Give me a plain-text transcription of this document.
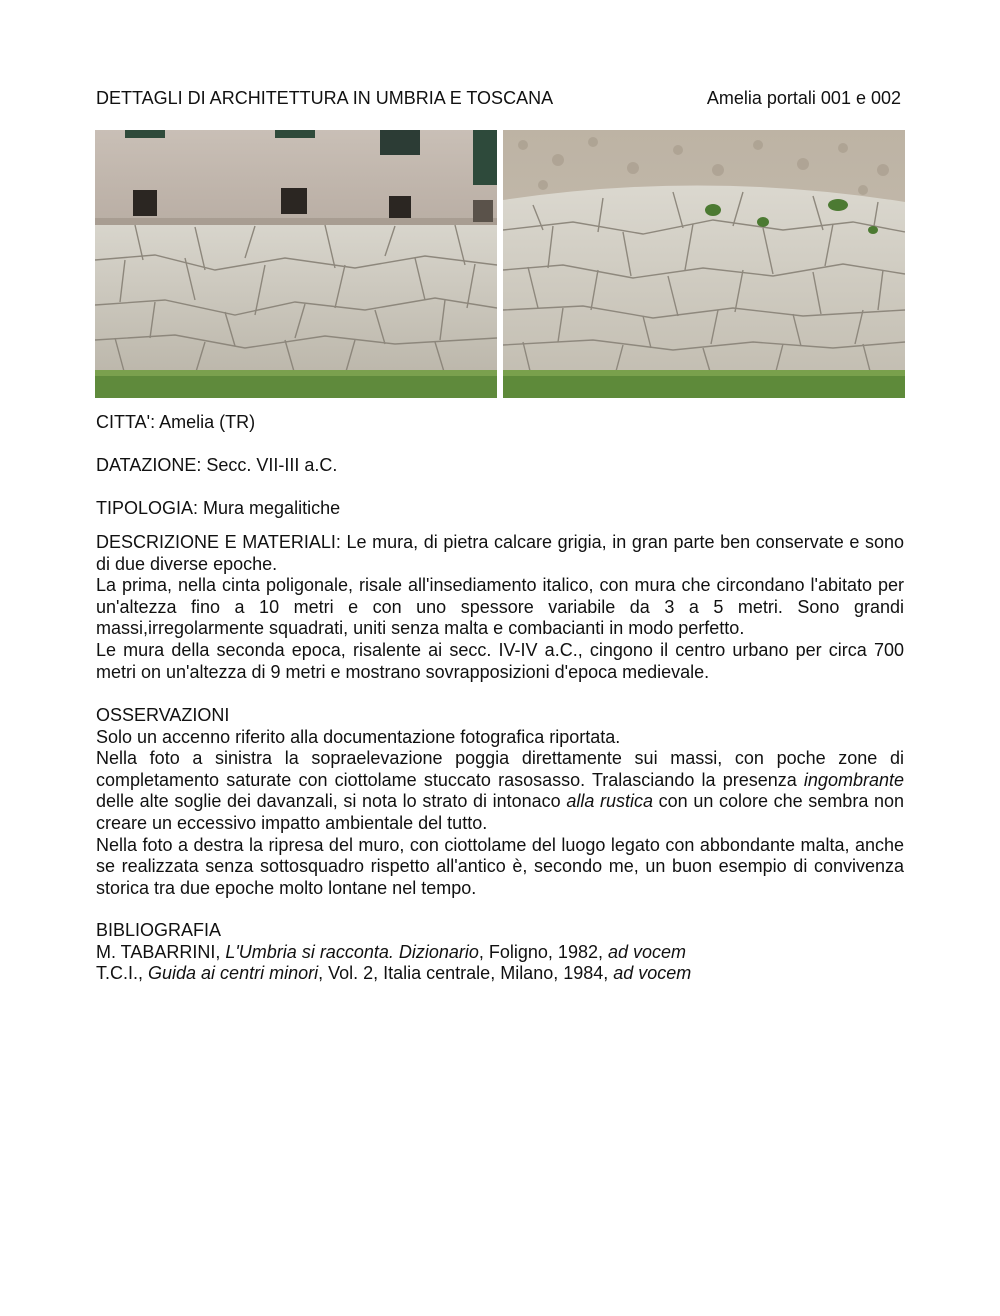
DETTAGLI DI ARCHITETTURA IN UMBRIA E TOSCANA	Amelia portali 001 e 002

CITTA': Amelia (TR)

DATAZIONE: Secc. VII-III a.C.

TIPOLOGIA: Mura megalitiche

DESCRIZIONE E MATERIALI: Le mura, di pietra calcare grigia, in gran parte ben conservate e sono di due diverse epoche.

La prima, nella cinta poligonale, risale all'insediamento italico, con mura che circondano l'abitato per un'altezza fino a 10 metri e con uno spessore variabile da 3 a 5 metri. Sono grandi massi,irregolarmente squadrati, uniti senza malta e combacianti in modo perfetto.

Le mura della seconda epoca, risalente ai secc. IV-IV a.C., cingono il centro urbano per circa 700 metri on un'altezza di 9 metri e mostrano sovrapposizioni d'epoca medievale.

OSSERVAZIONI

Solo un accenno riferito alla documentazione fotografica riportata.

Nella foto a sinistra la sopraelevazione poggia direttamente sui massi, con poche zone di completamento saturate con ciottolame stuccato rasosasso. Tralasciando la presenza ingombrante delle alte soglie dei davanzali, si nota lo strato di intonaco alla rustica con un colore che sembra non creare un eccessivo impatto ambientale del tutto.

Nella foto a destra la ripresa del muro, con ciottolame del luogo legato con abbondante malta, anche se realizzata senza sottosquadro rispetto all'antico è, secondo me, un buon esempio di convivenza storica tra due epoche molto lontane nel tempo.

BIBLIOGRAFIA

M. TABARRINI, L'Umbria si racconta. Dizionario, Foligno, 1982, ad vocem

T.C.I., Guida ai centri minori, Vol. 2, Italia centrale, Milano, 1984, ad vocem
